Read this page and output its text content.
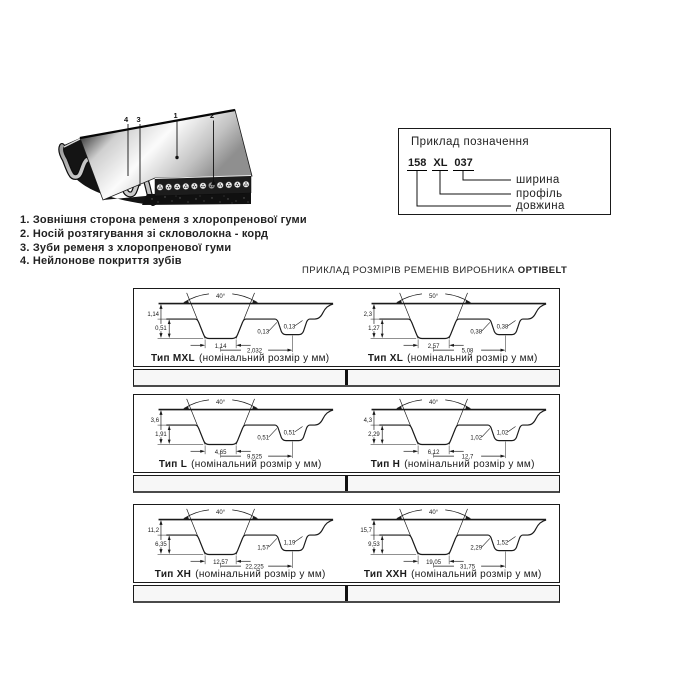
4 3	1	2
Приклад позначення
158 XL 037
ширина
профіль
довжина
1. Зовнішня сторона ременя з хлоропренової гуми
2. Носій розтягування зі скловолокна - корд
3. Зуби ременя з хлоропренової гуми
4. Нейлонове покриття зубів
ПРИКЛАД РОЗМІРІВ РЕМЕНІВ ВИРОБНИКА OPTIBELT
40°
1,14
0,51
1,14
2,032
0,13
0,13
Тип MXL (номінальний розмір у мм)
50°
2,3
1,27
2,57
5,08
0,38
0,38
Тип XL (номінальний розмір у мм)
40°
3,6
1,91
4,65
9,525
0,51
0,51
Тип L (номінальний розмір у мм)
40°
4,3
2,29
6,12
12,7
1,02
1,02
Тип H (номінальний розмір у мм)
40°
11,2
6,35
12,57
22,225
1,57
1,19
Тип XH (номінальний розмір у мм)
40°
15,7
9,53
19,05
31,75
2,29
1,52
Тип XXH (номінальний розмір у мм)
